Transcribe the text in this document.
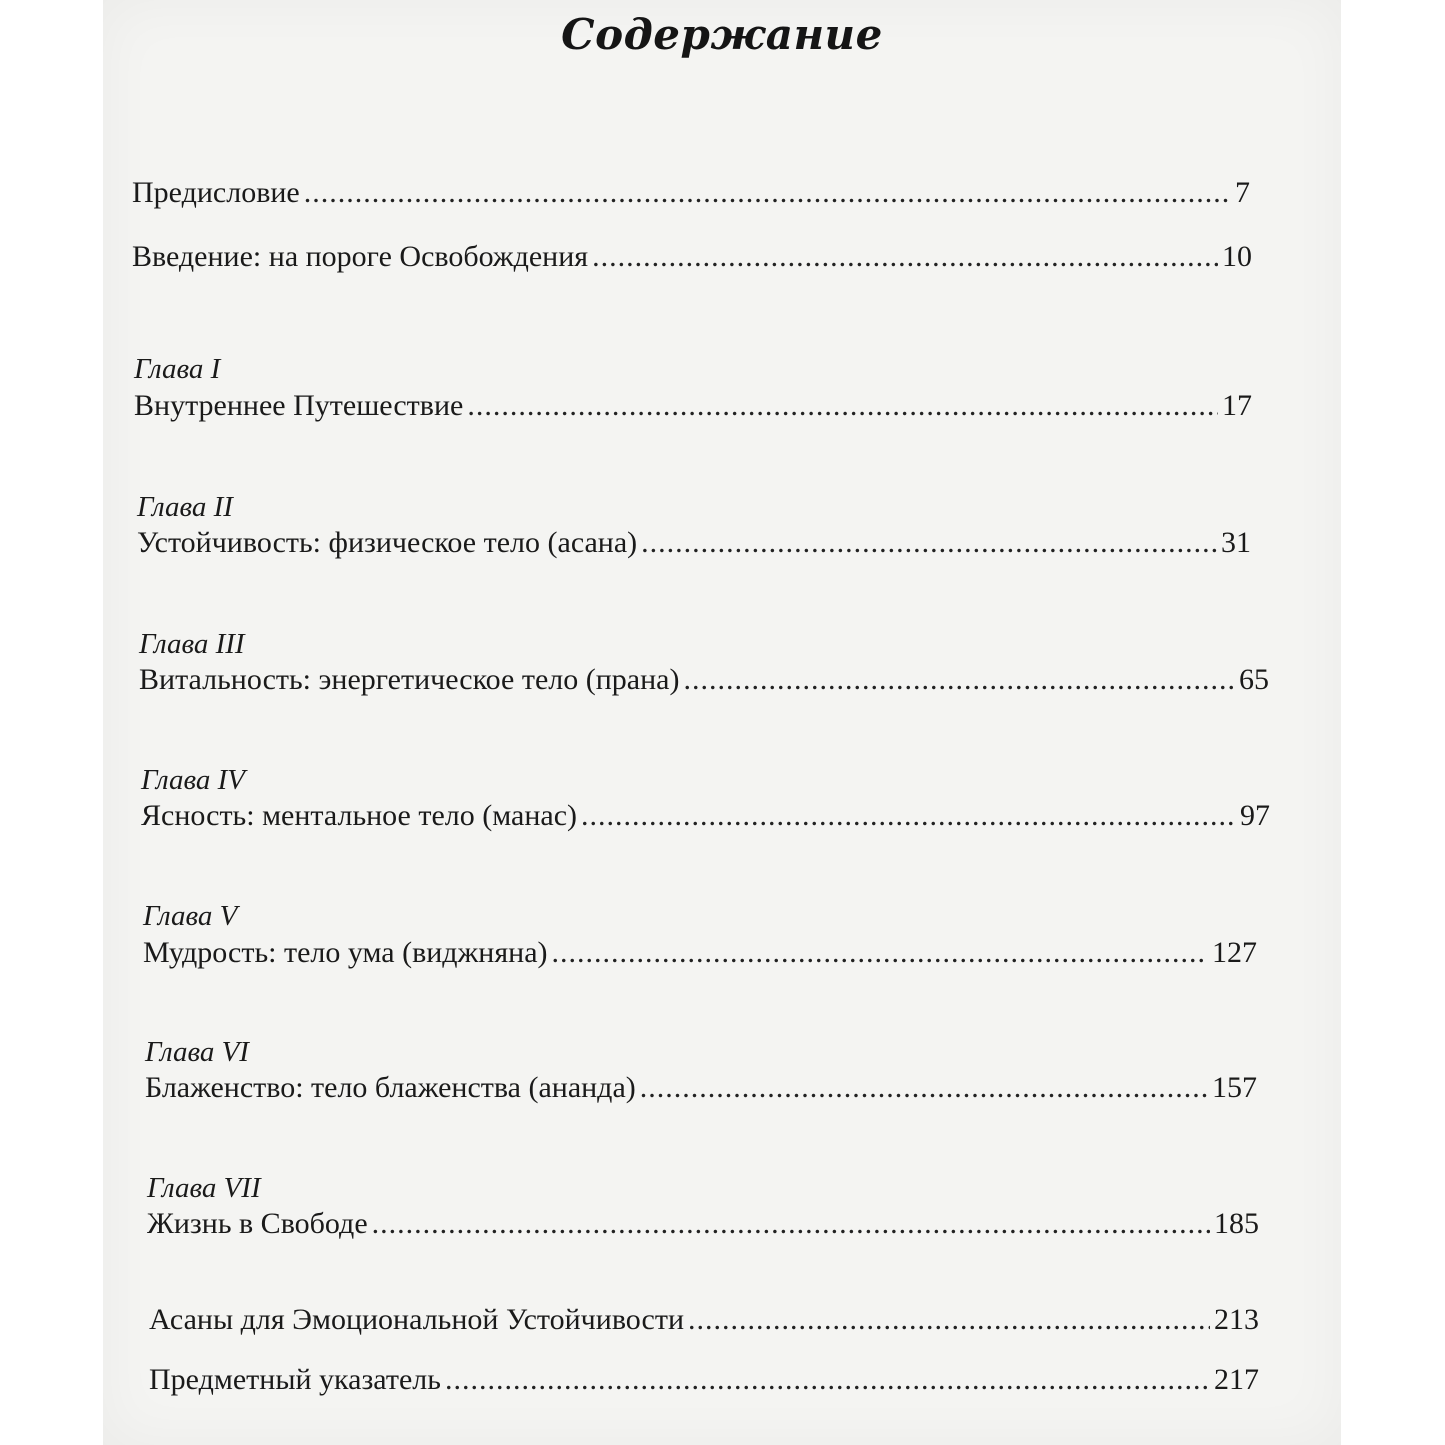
Содержание
Предисловие .....	7
Введение: на пороге Освобождения .....	10
Глава I
Внутреннее Путешествие .....	17
Глава II
Устойчивость: физическое тело (асана) .....	31
Глава III
Витальность: энергетическое тело (прана) .....	65
Глава IV
Ясность: ментальное тело (манас) .....	97
Глава V
Мудрость: тело ума (виджняна) .....	127
Глава VI
Блаженство: тело блаженства (ананда) .....	157
Глава VII
Жизнь в Свободе .....	185
Асаны для Эмоциональной Устойчивости .....	213
Предметный указатель .....	217
